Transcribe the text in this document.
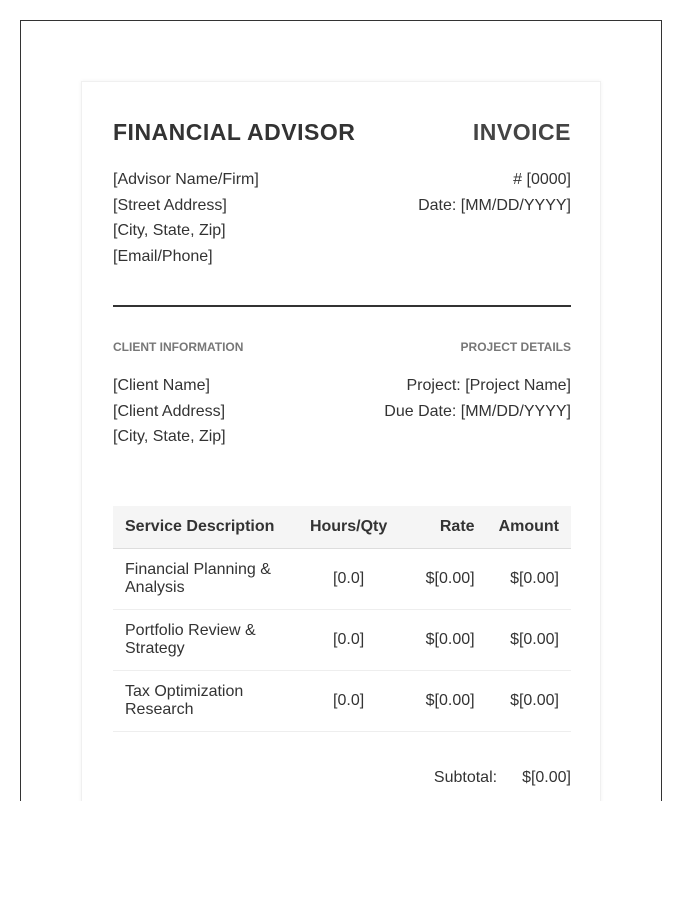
FINANCIAL ADVISOR	INVOICE
[Advisor Name/Firm]
[Street Address]
[City, State, Zip]
[Email/Phone]
# [0000]
Date: [MM/DD/YYYY]
CLIENT INFORMATION	PROJECT DETAILS
[Client Name]
[Client Address]
[City, State, Zip]
Project: [Project Name]
Due Date: [MM/DD/YYYY]
Service Description	Hours/Qty	Rate	Amount
Financial Planning & Analysis	[0.0]	$[0.00]	$[0.00]
Portfolio Review & Strategy	[0.0]	$[0.00]	$[0.00]
Tax Optimization Research	[0.0]	$[0.00]	$[0.00]
Subtotal: $[0.00]
